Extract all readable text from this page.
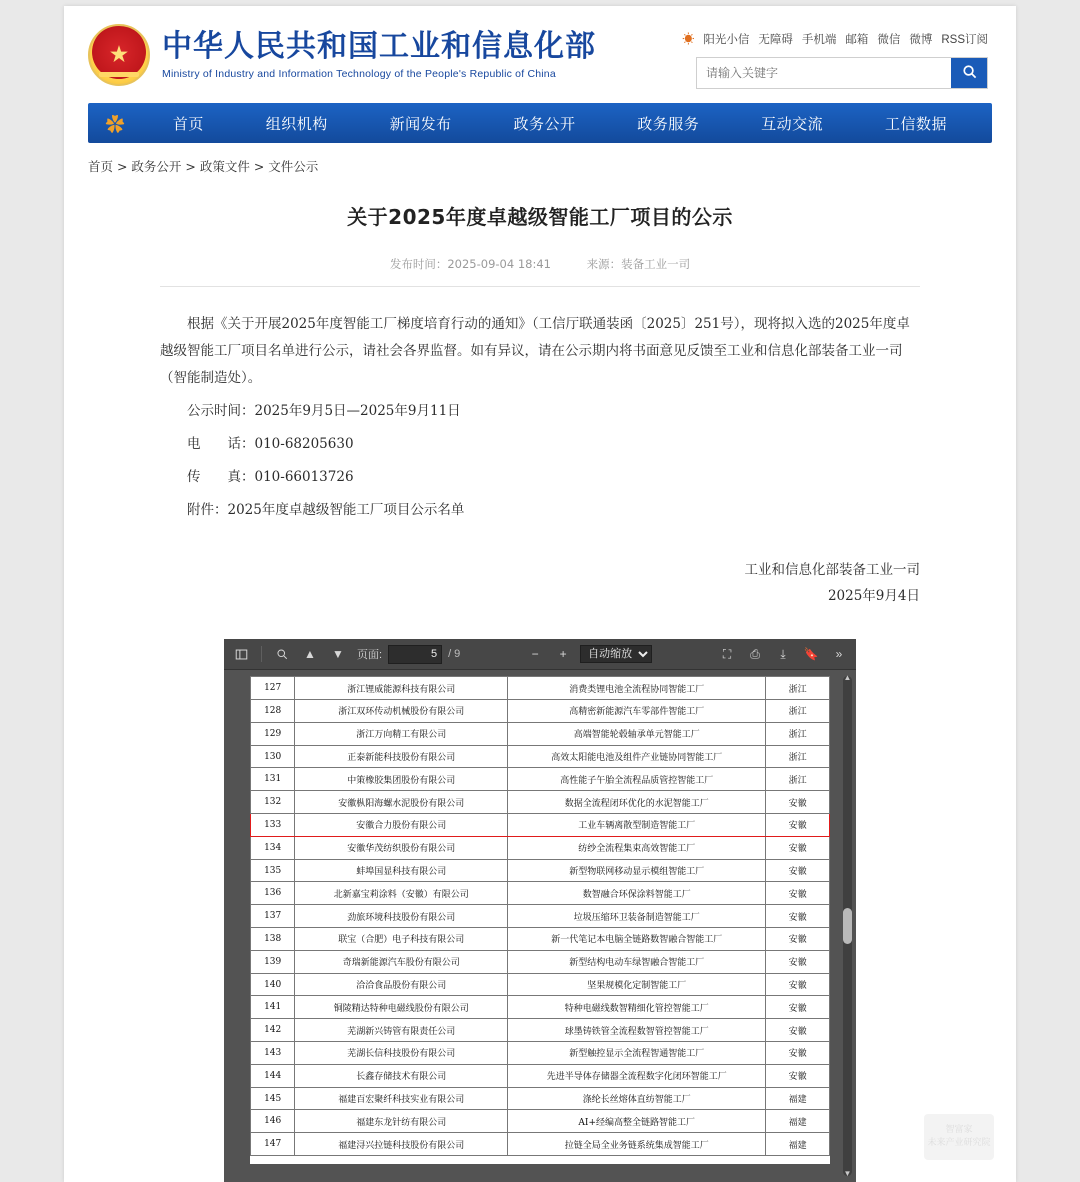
★
中华人民共和国工业和信息化部
Ministry of Industry and Information Technology of the People's Republic of China
☀ 阳光小信 无障碍 手机端 邮箱 微信 微博 RSS订阅
请输入关键字
✿	首页	组织机构	新闻发布	政务公开	政务服务	互动交流	工信数据
首页 > 政务公开 > 政策文件 > 文件公示
关于2025年度卓越级智能工厂项目的公示
发布时间：2025-09-04 18:41	来源：装备工业一司

根据《关于开展2025年度智能工厂梯度培育行动的通知》（工信厅联通装函〔2025〕251号），现将拟入选的2025年度卓越级智能工厂项目名单进行公示，请社会各界监督。如有异议，请在公示期内将书面意见反馈至工业和信息化部装备工业一司（智能制造处）。

公示时间：2025年9月5日—2025年9月11日

电　　话：010-68205630

传　　真：010-66013726

附件：2025年度卓越级智能工厂项目公示名单

工业和信息化部装备工业一司
2025年9月4日
▲	▼	页面:
5	/ 9	−	+
自动缩放	⛶	⎙	⤓	🔖	»
127	浙江锂威能源科技有限公司	消费类锂电池全流程协同智能工厂	浙江
128	浙江双环传动机械股份有限公司	高精密新能源汽车零部件智能工厂	浙江
129	浙江万向精工有限公司	高端智能轮毂轴承单元智能工厂	浙江
130	正泰新能科技股份有限公司	高效太阳能电池及组件产业链协同智能工厂	浙江
131	中策橡胶集团股份有限公司	高性能子午胎全流程品质管控智能工厂	浙江
132	安徽枞阳海螺水泥股份有限公司	数据全流程闭环优化的水泥智能工厂	安徽
133	安徽合力股份有限公司	工业车辆离散型制造智能工厂	安徽
134	安徽华茂纺织股份有限公司	纺纱全流程集束高效智能工厂	安徽
135	蚌埠国显科技有限公司	新型物联网移动显示模组智能工厂	安徽
136	北新嘉宝莉涂料（安徽）有限公司	数智融合环保涂料智能工厂	安徽
137	劲旅环境科技股份有限公司	垃圾压缩环卫装备制造智能工厂	安徽
138	联宝（合肥）电子科技有限公司	新一代笔记本电脑全链路数智融合智能工厂	安徽
139	奇瑞新能源汽车股份有限公司	新型结构电动车绿智融合智能工厂	安徽
140	洽洽食品股份有限公司	坚果规模化定制智能工厂	安徽
141	铜陵精达特种电磁线股份有限公司	特种电磁线数智精细化管控智能工厂	安徽
142	芜湖新兴铸管有限责任公司	球墨铸铁管全流程数智管控智能工厂	安徽
143	芜湖长信科技股份有限公司	新型触控显示全流程智通智能工厂	安徽
144	长鑫存储技术有限公司	先进半导体存储器全流程数字化闭环智能工厂	安徽
145	福建百宏聚纤科技实业有限公司	涤纶长丝熔体直纺智能工厂	福建
146	福建东龙针纺有限公司	AI+经编高整全链路智能工厂	福建
147	福建浔兴拉链科技股份有限公司	拉链全局全业务链系统集成智能工厂	福建
▲
▼
智富家
未来产业研究院
